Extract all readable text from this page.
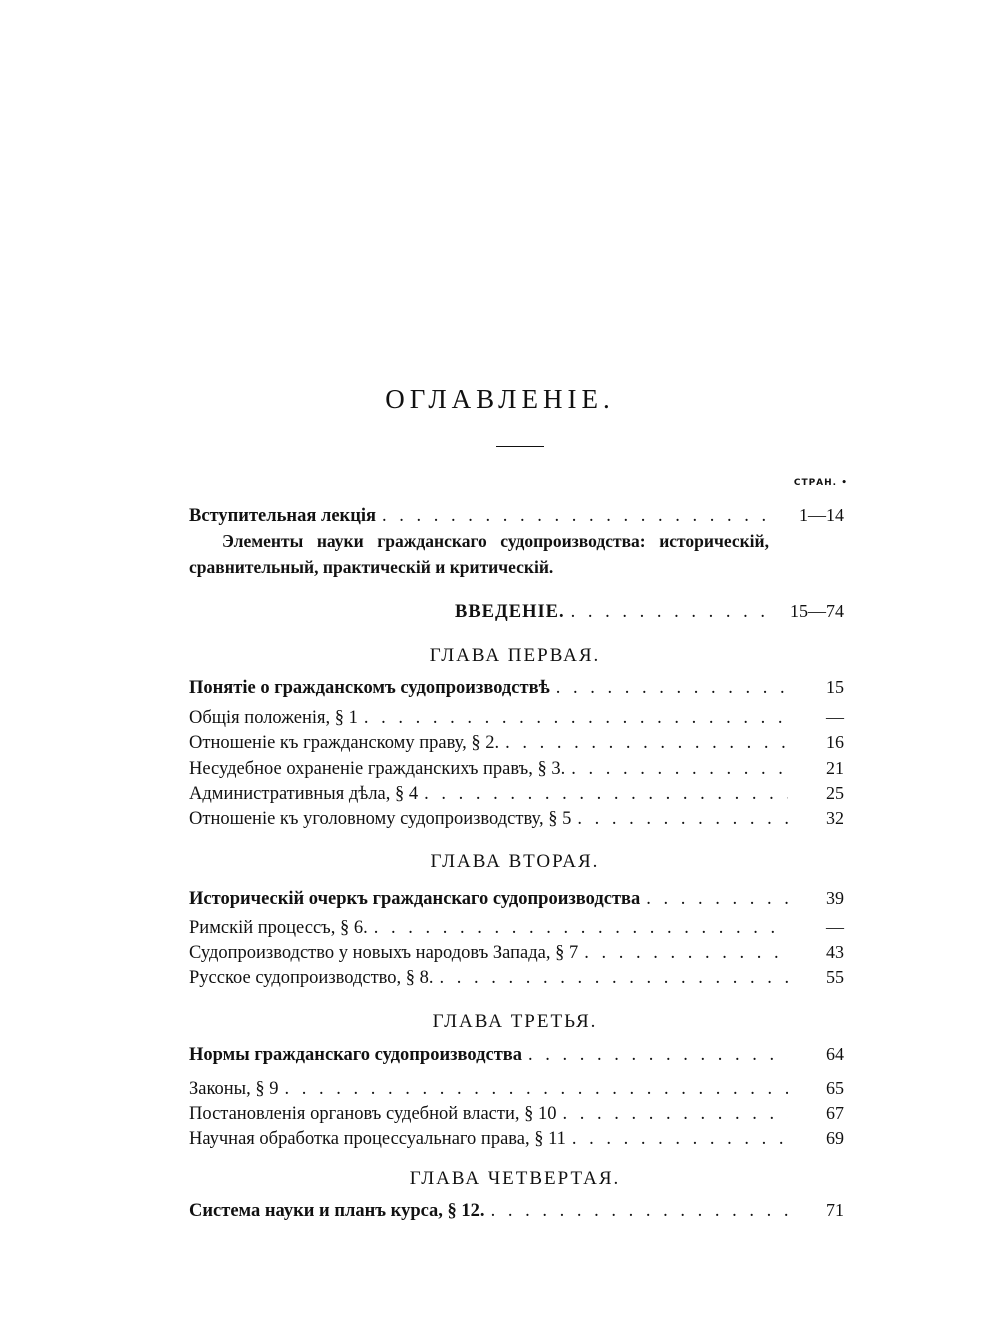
ОГЛАВЛЕНІЕ.
СТРАН. •
Вступительная лекція . . .	1—14
Элементы науки гражданскаго судопроизводства: историческій, сравнительный, практическій и критическій.
ВВЕДЕНІЕ. . . .	15—74
ГЛАВА ПЕРВАЯ.
Понятіе о гражданскомъ судопроизводствѣ . . .	15
Общія положенія, § 1 . . .	—
Отношеніе къ гражданскому праву, § 2. . . .	16
Несудебное охраненіе гражданскихъ правъ, § 3. . . .	21
Административныя дѣла, § 4 . . .	25
Отношеніе къ уголовному судопроизводству, § 5 . . .	32
ГЛАВА ВТОРАЯ.
Историческій очеркъ гражданскаго судопроизводства . . .	39
Римскій процессъ, § 6. . . .	—
Судопроизводство у новыхъ народовъ Запада, § 7 . . .	43
Русское судопроизводство, § 8. . . .	55
ГЛАВА ТРЕТЬЯ.
Нормы гражданскаго судопроизводства . . .	64
Законы, § 9 . . .	65
Постановленія органовъ судебной власти, § 10 . . .	67
Научная обработка процессуальнаго права, § 11 . . .	69
ГЛАВА ЧЕТВЕРТАЯ.
Система науки и планъ курса, § 12. . . .	71
